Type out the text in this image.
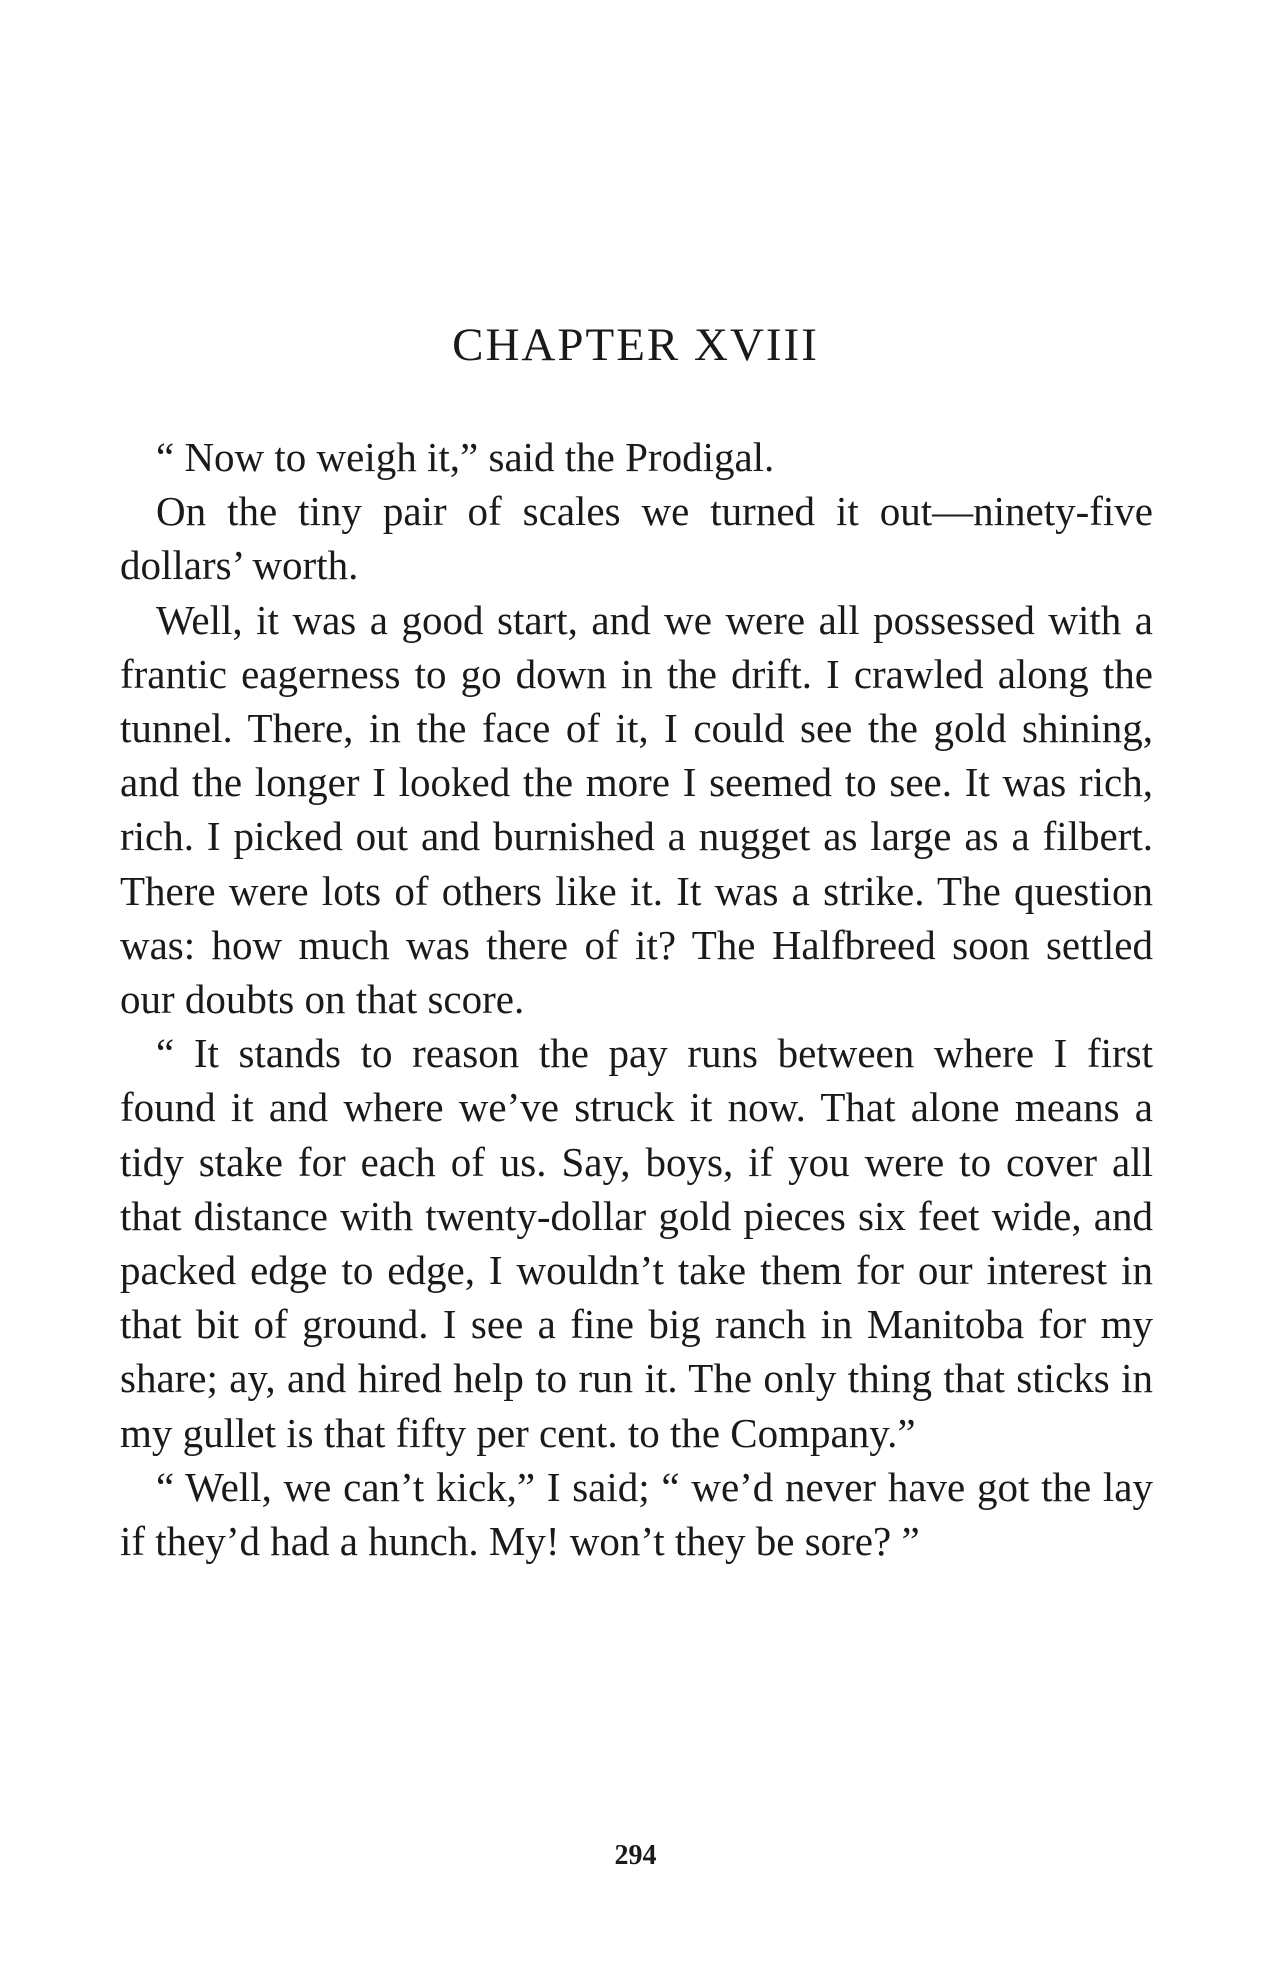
CHAPTER XVIII

“ Now to weigh it,” said the Prodigal.

On the tiny pair of scales we turned it out—ninety-five dollars’ worth.

Well, it was a good start, and we were all possessed with a frantic eagerness to go down in the drift. I crawled along the tunnel. There, in the face of it, I could see the gold shining, and the longer I looked the more I seemed to see. It was rich, rich. I picked out and burnished a nugget as large as a filbert. There were lots of others like it. It was a strike. The question was: how much was there of it? The Halfbreed soon settled our doubts on that score.

“ It stands to reason the pay runs between where I first found it and where we’ve struck it now. That alone means a tidy stake for each of us. Say, boys, if you were to cover all that distance with twenty-dollar gold pieces six feet wide, and packed edge to edge, I wouldn’t take them for our interest in that bit of ground. I see a fine big ranch in Manitoba for my share; ay, and hired help to run it. The only thing that sticks in my gullet is that fifty per cent. to the Company.”

“ Well, we can’t kick,” I said; “ we’d never have got the lay if they’d had a hunch. My! won’t they be sore? ”

294
